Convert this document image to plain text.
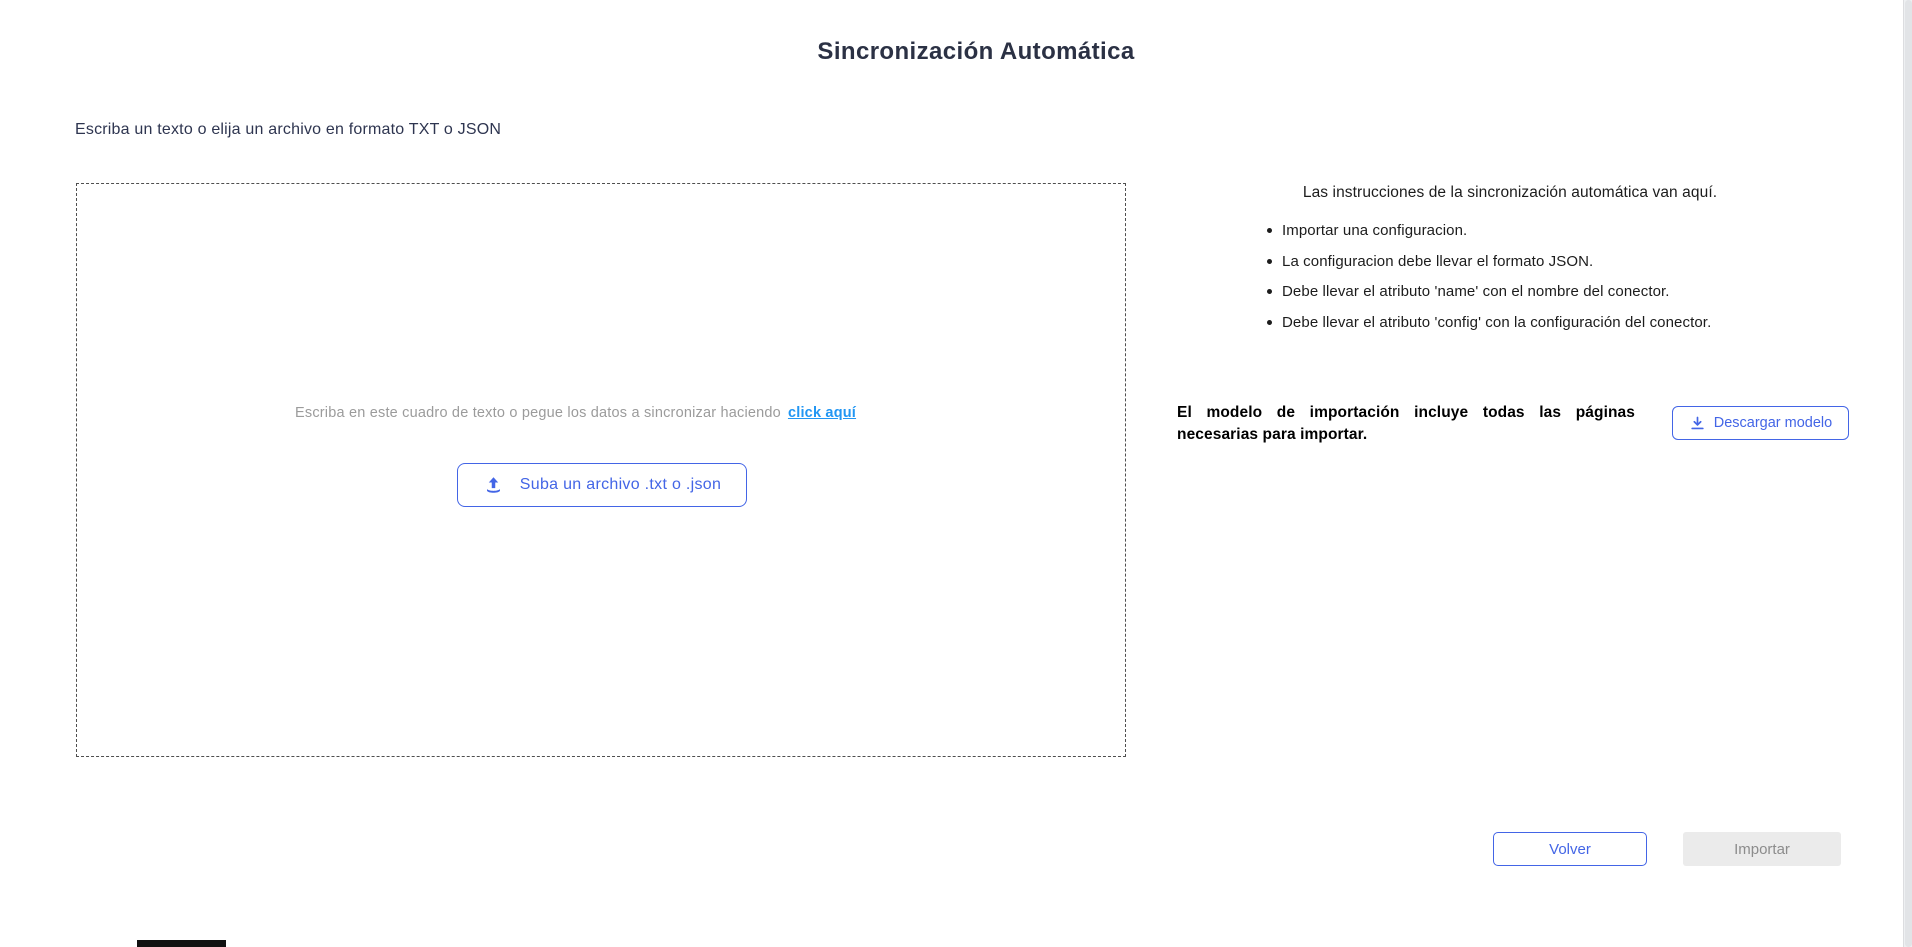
Sincronización Automática
Escriba un texto o elija un archivo en formato TXT o JSON
Escriba en este cuadro de texto o pegue los datos a sincronizar haciendo click aquí
Suba un archivo .txt o .json
Las instrucciones de la sincronización automática van aquí.
Importar una configuracion.
La configuracion debe llevar el formato JSON.
Debe llevar el atributo 'name' con el nombre del conector.
Debe llevar el atributo 'config' con la configuración del conector.
El modelo de importación incluye todas las páginas necesarias para importar.
Descargar modelo
Volver	Importar
